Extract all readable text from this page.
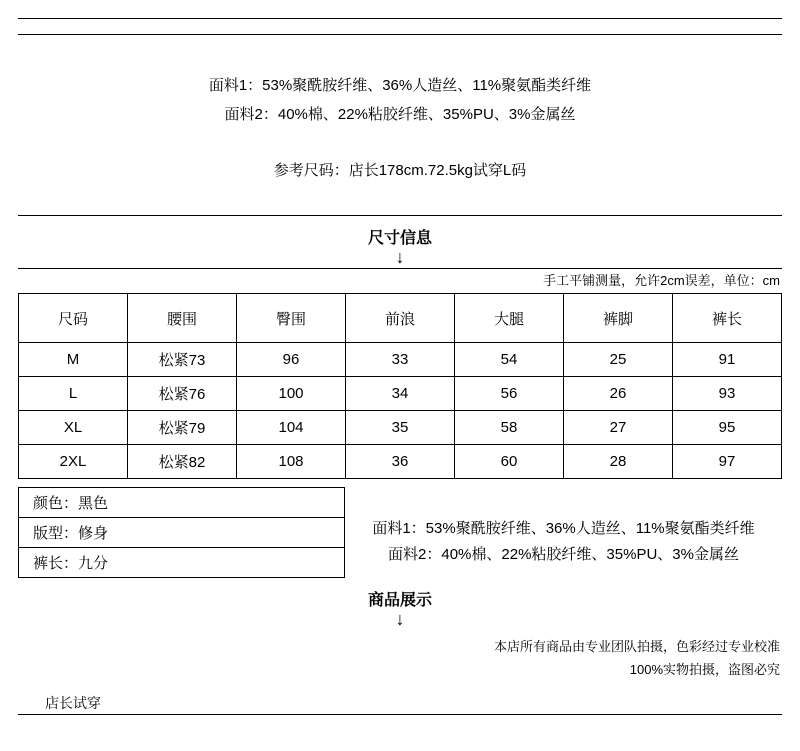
面料1：53%聚酰胺纤维、36%人造丝、11%聚氨酯类纤维
面料2：40%棉、22%粘胶纤维、35%PU、3%金属丝
参考尺码：店长178cm.72.5kg试穿L码
尺寸信息
↓
手工平铺测量，允许2cm误差，单位：cm
尺码	腰围	臀围	前浪	大腿	裤脚	裤长
M	松紧73	96	33	54	25	91
L	松紧76	100	34	56	26	93
XL	松紧79	104	35	58	27	95
2XL	松紧82	108	36	60	28	97
颜色：黑色
版型：修身
裤长：九分
面料1：53%聚酰胺纤维、36%人造丝、11%聚氨酯类纤维
面料2：40%棉、22%粘胶纤维、35%PU、3%金属丝
商品展示
↓
本店所有商品由专业团队拍摄，色彩经过专业校准
100%实物拍摄，盗图必究
店长试穿
